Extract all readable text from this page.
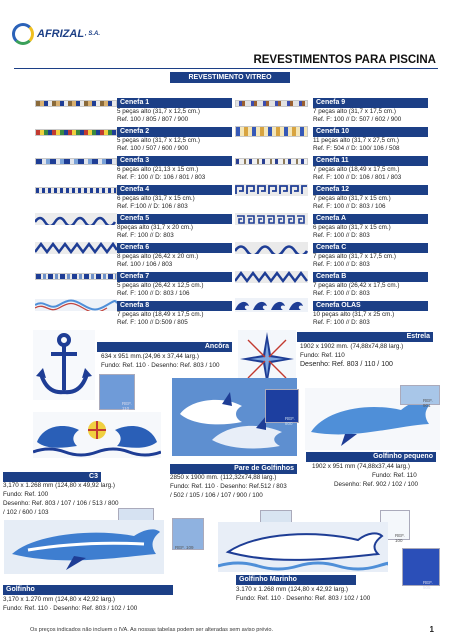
AFRIZAL , S.A.
REVESTIMENTOS PARA PISCINA
REVESTIMENTO VITREO
Cenefa 1
5 peças alto (31,7 x 12,5 cm.)
Ref. 100 / 805 / 807 / 900
Cenefa 2
5 peças alto (31,7 x 12,5 cm.)
Ref. 100 / 507 / 600 / 900
Cenefa 3
6 peças alto (21,13 x 15 cm.)
Ref. F: 100 // D: 106 / 801 / 803
Cenefa 4
6 peças alto (31,7 x 15 cm.)
Ref. F:100 // D: 106 / 803
Cenefa 5
8peças alto (31,7 x 20 cm.)
Ref. F: 100 // D: 803
Cenefa 6
8 peças alto (26,42 x 20 cm.)
Ref. 100 / 106 / 803
Cenefa 7
5 peças alto (26,42 x 12,5 cm.)
Ref. F: 100 // D: 803 / 106
Cenefa 8
7 peças alto (18,49 x 17,5 cm.)
Ref. F: 100 // D:509 / 805
Cenefa 9
7 peças alto (31,7 x 17,5 cm.)
Ref. F: 100 // D: 507 / 602 / 900
Cenefa 10
11 peças alto (31,7 x 27,5 cm.)
Ref. F: 504 // D: 100/ 106 / 508
Cenefa 11
7 peças alto (18,49 x 17,5 cm.)
Ref. F: 100 // D: 106 / 801 / 803
Cenefa 12
7 peças alto (31,7 x 15 cm.)
Ref. F: 100 // D: 803 / 106
Cenefa A
6 peças alto (31,7 x 15 cm.)
Ref. F: 100 // D: 803
Cenefa C
7 peças alto (31,7 x 17,5 cm.)
Ref. F: 100 // D: 803
Cenefa B
7 peças alto (26,42 x 17,5 cm.)
Ref. F: 100 // D: 803
Cenefa OLAS
10 peças alto (31,7 x 25 cm.)
Ref. F: 100 // D: 803
Ancôra
634 x 951 mm.(24,96 x 37,44 larg.)
Fundo: Ref. 110 · Desenho: Ref. 803 / 100
Estrela
1902 x 1902 mm. (74,88x74,88 larg.)
Fundo: Ref. 110
Desenho: Ref. 803 / 110 / 100
REF. 110
REF. 800
REF. 901
Pare de Golfinhos
2850 x 1900 mm. (112,32x74,88 larg.)
Fundo: Ref. 110 · Desenho: Ref.512 / 803
/ 502 / 105 / 106 / 107 / 900 / 100
Golfinho pequeno
1902 x 951 mm (74,88x37,44 larg.)
Fundo: Ref. 110
Desenho: Ref. 902 / 102 / 100
C3
3,170 x 1.268 mm (124,80 x 49,92 larg.)
Fundo: Ref. 100
Desenho: Ref. 803 / 107 / 106 / 513 / 800
/ 102 / 600 / 103
REF. 109
REF. 100
REF. 505
Golfinho
3,170 x 1.270 mm (124,80 x 42,92 larg.)
Fundo: Ref. 110 · Desenho: Ref. 803 / 102 / 100
Golfinho Marinho
3.170 x 1.268 mm (124,80 x 42,92 larg.)
Fundo: Ref. 110 · Desenho: Ref. 803 / 102 / 100
Os preços indicados não incluem o IVA. As nossas tabelas podem ser alteradas sem aviso prévio.	1
